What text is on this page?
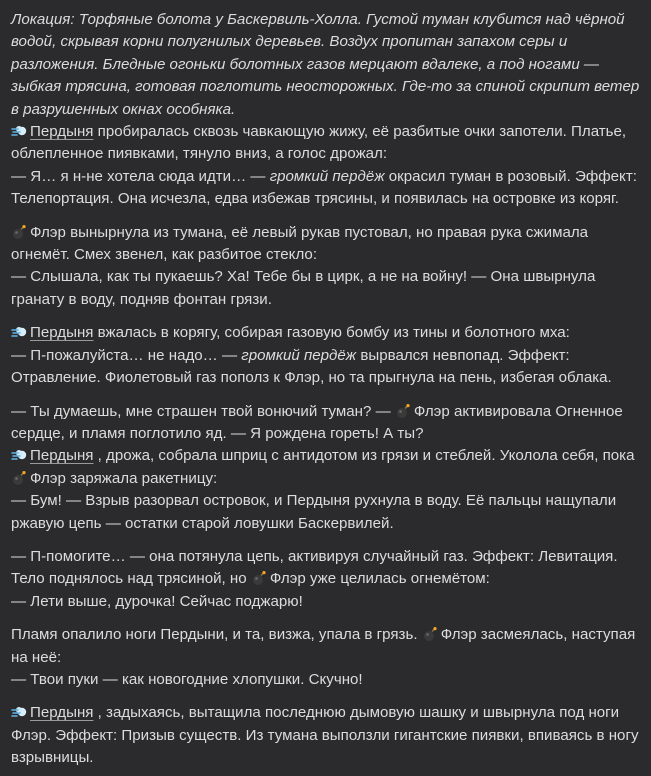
Локация: Торфяные болота у Баскервиль-Холла. Густой туман клубится над чёрной водой, скрывая корни полугнилых деревьев. Воздух пропитан запахом серы и разложения. Бледные огоньки болотных газов мерцают вдалеке, а под ногами — зыбкая трясина, готовая поглотить неосторожных. Где-то за спиной скрипит ветер в разрушенных окнах особняка.

Пердыня пробиралась сквозь чавкающую жижу, её разбитые очки запотели. Платье, облепленное пиявками, тянуло вниз, а голос дрожал:
— Я… я н-не хотела сюда идти… — громкий пердёж окрасил туман в розовый. Эффект: Телепортация. Она исчезла, едва избежав трясины, и появилась на островке из коряг.

Флэр вынырнула из тумана, её левый рукав пустовал, но правая рука сжимала огнемёт. Смех звенел, как разбитое стекло:
— Слышала, как ты пукаешь? Ха! Тебе бы в цирк, а не на войну! — Она швырнула гранату в воду, подняв фонтан грязи.

Пердыня вжалась в корягу, собирая газовую бомбу из тины и болотного мха:
— П-пожалуйста… не надо… — громкий пердёж вырвался невпопад. Эффект: Отравление. Фиолетовый газ пополз к Флэр, но та прыгнула на пень, избегая облака.

— Ты думаешь, мне страшен твой вонючий туман? —
Флэр активировала Огненное сердце, и пламя поглотило яд. — Я рождена гореть! А ты?

Пердыня , дрожа, собрала шприц с антидотом из грязи и стеблей. Уколола себя, пока
Флэр заряжала ракетницу:
— Бум! — Взрыв разорвал островок, и Пердыня рухнула в воду. Её пальцы нащупали ржавую цепь — остатки старой ловушки Баскервилей.

— П-помогите… — она потянула цепь, активируя случайный газ. Эффект: Левитация. Тело поднялось над трясиной, но
Флэр уже целилась огнемётом:
— Лети выше, дурочка! Сейчас поджарю!

Пламя опалило ноги Пердыни, и та, визжа, упала в грязь.
Флэр засмеялась, наступая на неё:
— Твои пуки — как новогодние хлопушки. Скучно!

Пердыня , задыхаясь, вытащила последнюю дымовую шашку и швырнула под ноги Флэр. Эффект: Призыв существ. Из тумана выползли гигантские пиявки, впиваясь в ногу взрывницы.
